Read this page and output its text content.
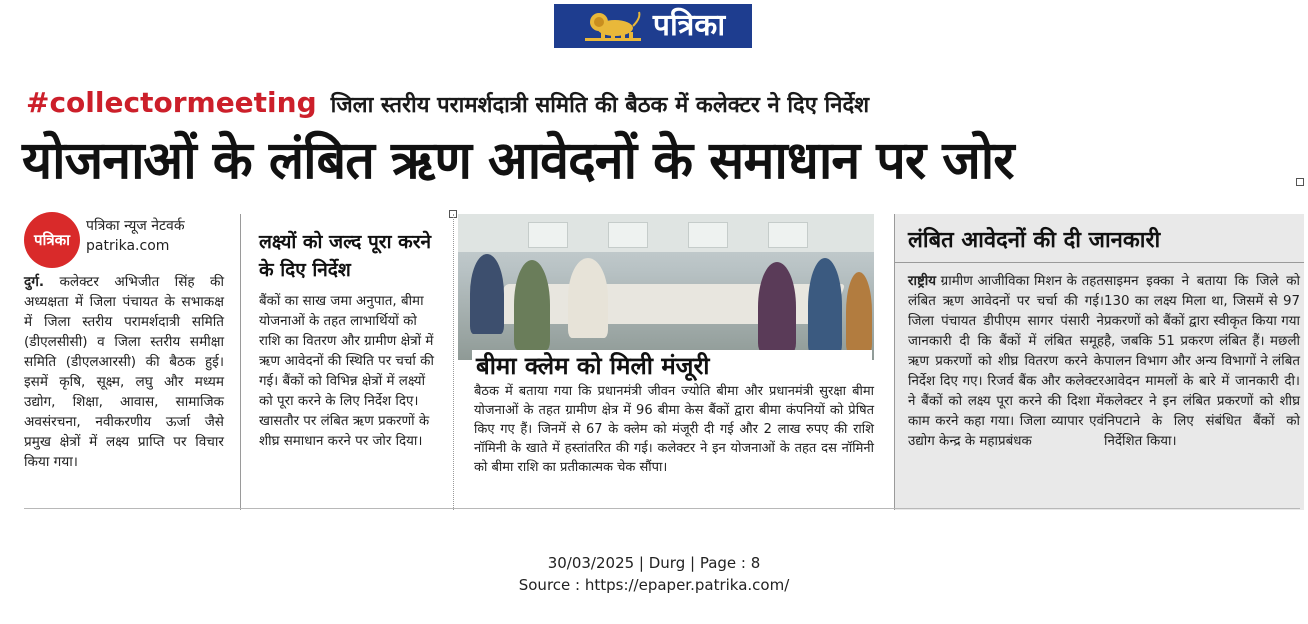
पत्रिका
#collector meeting जिला स्तरीय परामर्शदात्री समिति की बैठक में कलेक्टर ने दिए निर्देश
योजनाओं के लंबित ऋण आवेदनों के समाधान पर जोर
पत्रिका
पत्रिका न्यूज नेटवर्क
patrika.com
दुर्ग. कलेक्टर अभिजीत सिंह की अध्यक्षता में जिला पंचायत के सभाकक्ष में जिला स्तरीय परामर्शदात्री समिति (डीएलसीसी) व जिला स्तरीय समीक्षा समिति (डीएलआरसी) की बैठक हुई। इसमें कृषि, सूक्ष्म, लघु और मध्यम उद्योग, शिक्षा, आवास, सामाजिक अवसंरचना, नवीकरणीय ऊर्जा जैसे प्रमुख क्षेत्रों में लक्ष्य प्राप्ति पर विचार किया गया।
लक्ष्यों को जल्द पूरा करने के दिए निर्देश

बैंकों का साख जमा अनुपात, बीमा योजनाओं के तहत लाभार्थियों को राशि का वितरण और ग्रामीण क्षेत्रों में ऋण आवेदनों की स्थिति पर चर्चा की गई। बैंकों को विभिन्न क्षेत्रों में लक्ष्यों को पूरा करने के लिए निर्देश दिए। खासतौर पर लंबित ऋण प्रकरणों के शीघ्र समाधान करने पर जोर दिया।

बीमा क्लेम को मिली मंजूरी
बैठक में बताया गया कि प्रधानमंत्री जीवन ज्योति बीमा और प्रधानमंत्री सुरक्षा बीमा योजनाओं के तहत ग्रामीण क्षेत्र में 96 बीमा केस बैंकों द्वारा बीमा कंपनियों को प्रेषित किए गए हैं। जिनमें से 67 के क्लेम को मंजूरी दी गई और 2 लाख रुपए की राशि नॉमिनी के खाते में हस्तांतरित की गई। कलेक्टर ने इन योजनाओं के तहत दस नॉमिनी को बीमा राशि का प्रतीकात्मक चेक सौंपा।
लंबित आवेदनों की दी जानकारी
राष्ट्रीय ग्रामीण आजीविका मिशन के तहत लंबित ऋण आवेदनों पर चर्चा की गई। जिला पंचायत डीपीएम सागर पंसारी ने जानकारी दी कि बैंकों में लंबित समूह ऋण प्रकरणों को शीघ्र वितरण करने के निर्देश दिए गए। रिजर्व बैंक और कलेक्टर ने बैंकों को लक्ष्य पूरा करने की दिशा में काम करने कहा गया। जिला व्यापार एवं उद्योग केन्द्र के महाप्रबंधक
साइमन इक्का ने बताया कि जिले को 130 का लक्ष्य मिला था, जिसमें से 97 प्रकरणों को बैंकों द्वारा स्वीकृत किया गया है, जबकि 51 प्रकरण लंबित हैं। मछली पालन विभाग और अन्य विभागों ने लंबित आवेदन मामलों के बारे में जानकारी दी। कलेक्टर ने इन लंबित प्रकरणों को शीघ्र निपटाने के लिए संबंधित बैंकों को निर्देशित किया।
30/03/2025 | Durg | Page : 8
Source : https://epaper.patrika.com/
